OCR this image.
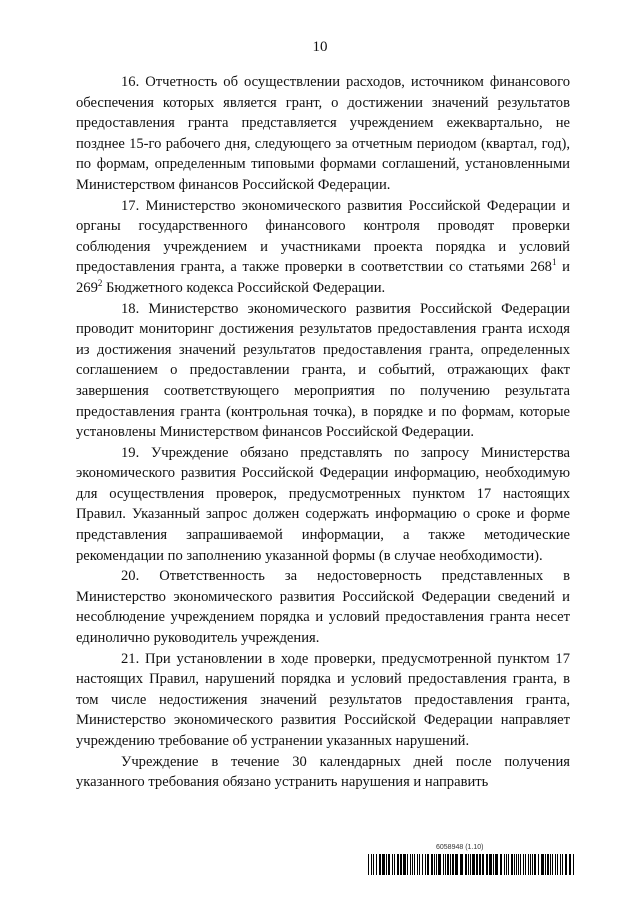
10

16. Отчетность об осуществлении расходов, источником финансового обеспечения которых является грант, о достижении значений результатов предоставления гранта представляется учреждением ежеквартально, не позднее 15-го рабочего дня, следующего за отчетным периодом (квартал, год), по формам, определенным типовыми формами соглашений, установленными Министерством финансов Российской Федерации.

17. Министерство экономического развития Российской Федерации и органы государственного финансового контроля проводят проверки соблюдения учреждением и участниками проекта порядка и условий предоставления гранта, а также проверки в соответствии со статьями $268^1$ и $269^2$ Бюджетного кодекса Российской Федерации.

18. Министерство экономического развития Российской Федерации проводит мониторинг достижения результатов предоставления гранта исходя из достижения значений результатов предоставления гранта, определенных соглашением о предоставлении гранта, и событий, отражающих факт завершения соответствующего мероприятия по получению результата предоставления гранта (контрольная точка), в порядке и по формам, которые установлены Министерством финансов Российской Федерации.

19. Учреждение обязано представлять по запросу Министерства экономического развития Российской Федерации информацию, необходимую для осуществления проверок, предусмотренных пунктом 17 настоящих Правил. Указанный запрос должен содержать информацию о сроке и форме представления запрашиваемой информации, а также методические рекомендации по заполнению указанной формы (в случае необходимости).

20. Ответственность за недостоверность представленных в Министерство экономического развития Российской Федерации сведений и несоблюдение учреждением порядка и условий предоставления гранта несет единолично руководитель учреждения.

21. При установлении в ходе проверки, предусмотренной пунктом 17 настоящих Правил, нарушений порядка и условий предоставления гранта, в том числе недостижения значений результатов предоставления гранта, Министерство экономического развития Российской Федерации направляет учреждению требование об устранении указанных нарушений.

Учреждение в течение 30 календарных дней после получения указанного требования обязано устранить нарушения и направить

6058948 (1.10)
